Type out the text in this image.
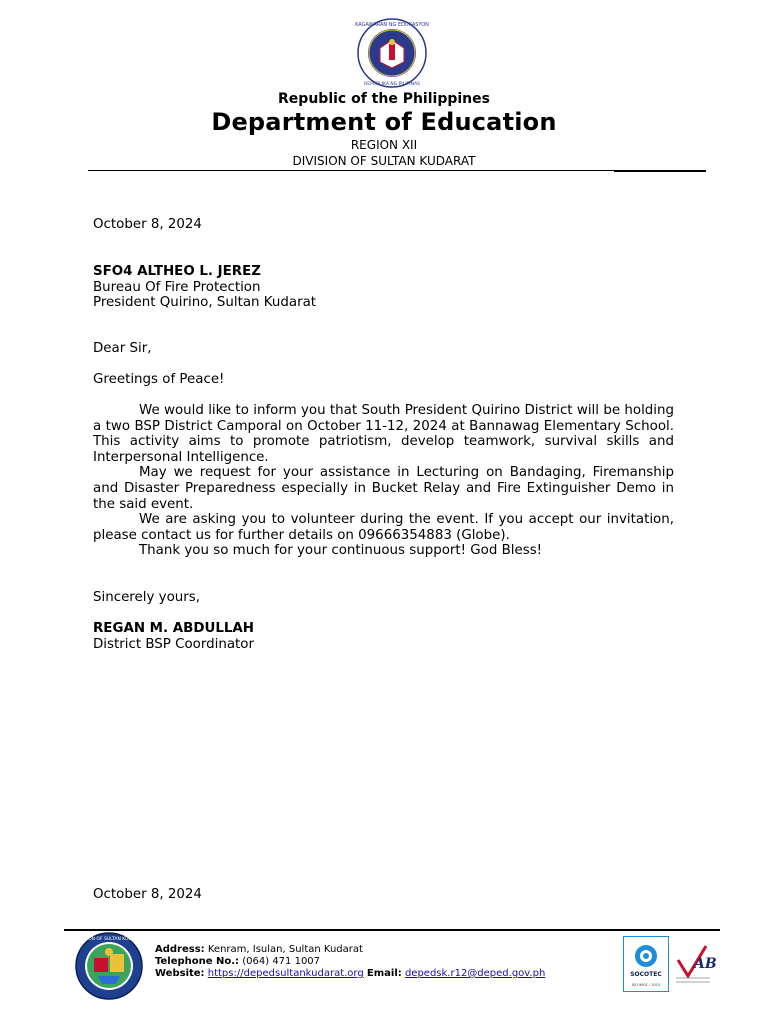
KAGAWARAN NG EDUKASYON
REPUBLIKA NG PILIPINAS
Republic of the Philippines
Department of Education
REGION XII
DIVISION OF SULTAN KUDARAT
October 8, 2024
SFO4 ALTHEO L. JEREZ
Bureau Of Fire Protection
President Quirino, Sultan Kudarat
Dear Sir,
Greetings of Peace!

We would like to inform you that South President Quirino District will be holding a two BSP District Camporal on October 11-12, 2024 at Bannawag Elementary School. This activity aims to promote patriotism, develop teamwork, survival skills and Interpersonal Intelligence.

May we request for your assistance in Lecturing on Bandaging, Firemanship and Disaster Preparedness especially in Bucket Relay and Fire Extinguisher Demo in the said event.

We are asking you to volunteer during the event. If you accept our invitation, please contact us for further details on 09666354883 (Globe).

Thank you so much for your continuous support! God Bless!

Sincerely yours,
REGAN M. ABDULLAH
District BSP Coordinator
October 8, 2024
DIVISION OF SULTAN KUDARAT
Address: Kenram, Isulan, Sultan Kudarat
Telephone No.: (064) 471 1007
Website: https://depedsultankudarat.org Email: depedsk.r12@deped.gov.ph	SOCOTEC
ISO 9001 : 2015
AB
